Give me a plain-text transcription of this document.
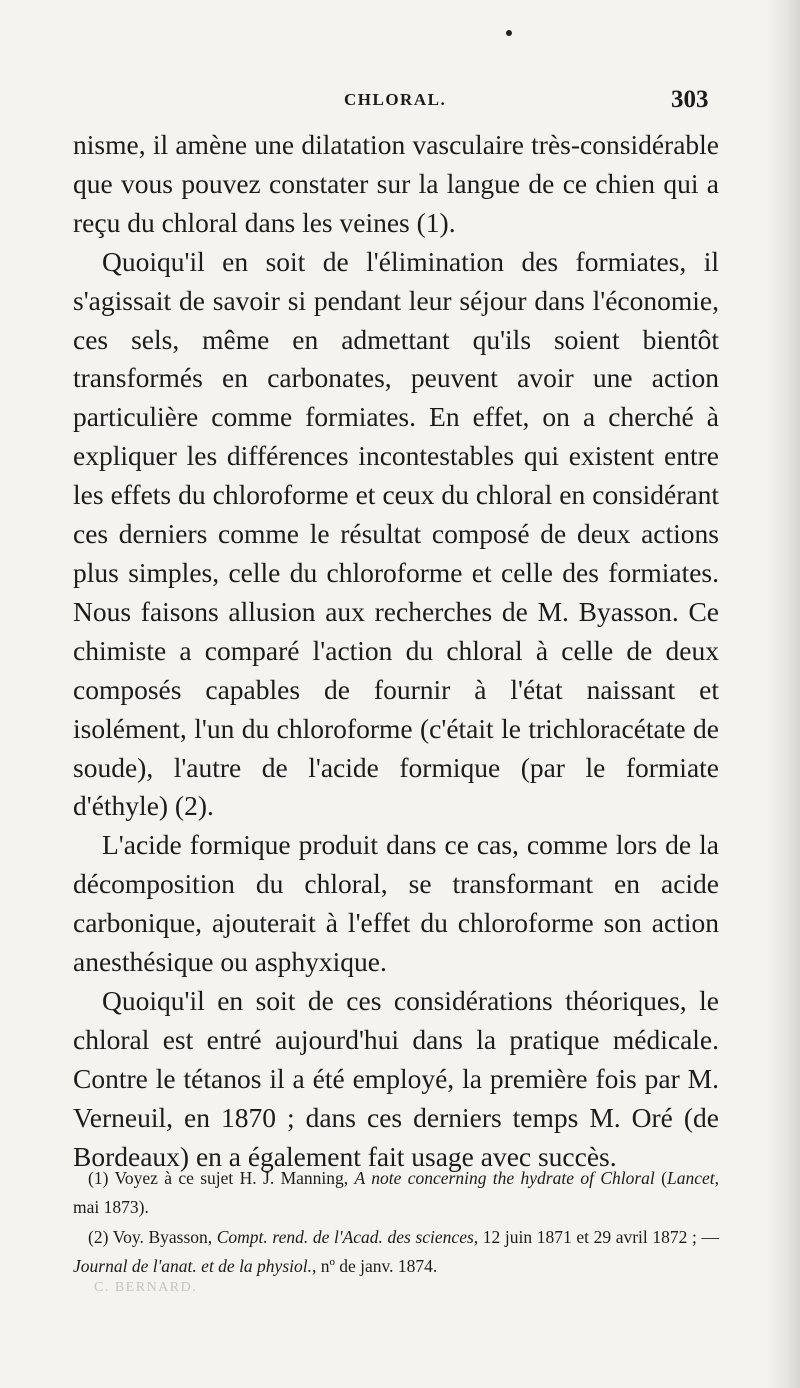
CHLORAL.	303

nisme, il amène une dilatation vasculaire très-considérable que vous pouvez constater sur la langue de ce chien qui a reçu du chloral dans les veines (1).

Quoiqu'il en soit de l'élimination des formiates, il s'agissait de savoir si pendant leur séjour dans l'économie, ces sels, même en admettant qu'ils soient bientôt transformés en carbonates, peuvent avoir une action particulière comme formiates. En effet, on a cherché à expliquer les différences incontestables qui existent entre les effets du chloroforme et ceux du chloral en considérant ces derniers comme le résultat composé de deux actions plus simples, celle du chloroforme et celle des formiates. Nous faisons allusion aux recherches de M. Byasson. Ce chimiste a comparé l'action du chloral à celle de deux composés capables de fournir à l'état naissant et isolément, l'un du chloroforme (c'était le trichloracétate de soude), l'autre de l'acide formique (par le formiate d'éthyle) (2).

L'acide formique produit dans ce cas, comme lors de la décomposition du chloral, se transformant en acide carbonique, ajouterait à l'effet du chloroforme son action anesthésique ou asphyxique.

Quoiqu'il en soit de ces considérations théoriques, le chloral est entré aujourd'hui dans la pratique médicale. Contre le tétanos il a été employé, la première fois par M. Verneuil, en 1870 ; dans ces derniers temps M. Oré (de Bordeaux) en a également fait usage avec succès.

(1) Voyez à ce sujet H. J. Manning, A note concerning the hydrate of Chloral (Lancet, mai 1873).

(2) Voy. Byasson, Compt. rend. de l'Acad. des sciences, 12 juin 1871 et 29 avril 1872 ; — Journal de l'anat. et de la physiol., nº de janv. 1874.

C. BERNARD.
